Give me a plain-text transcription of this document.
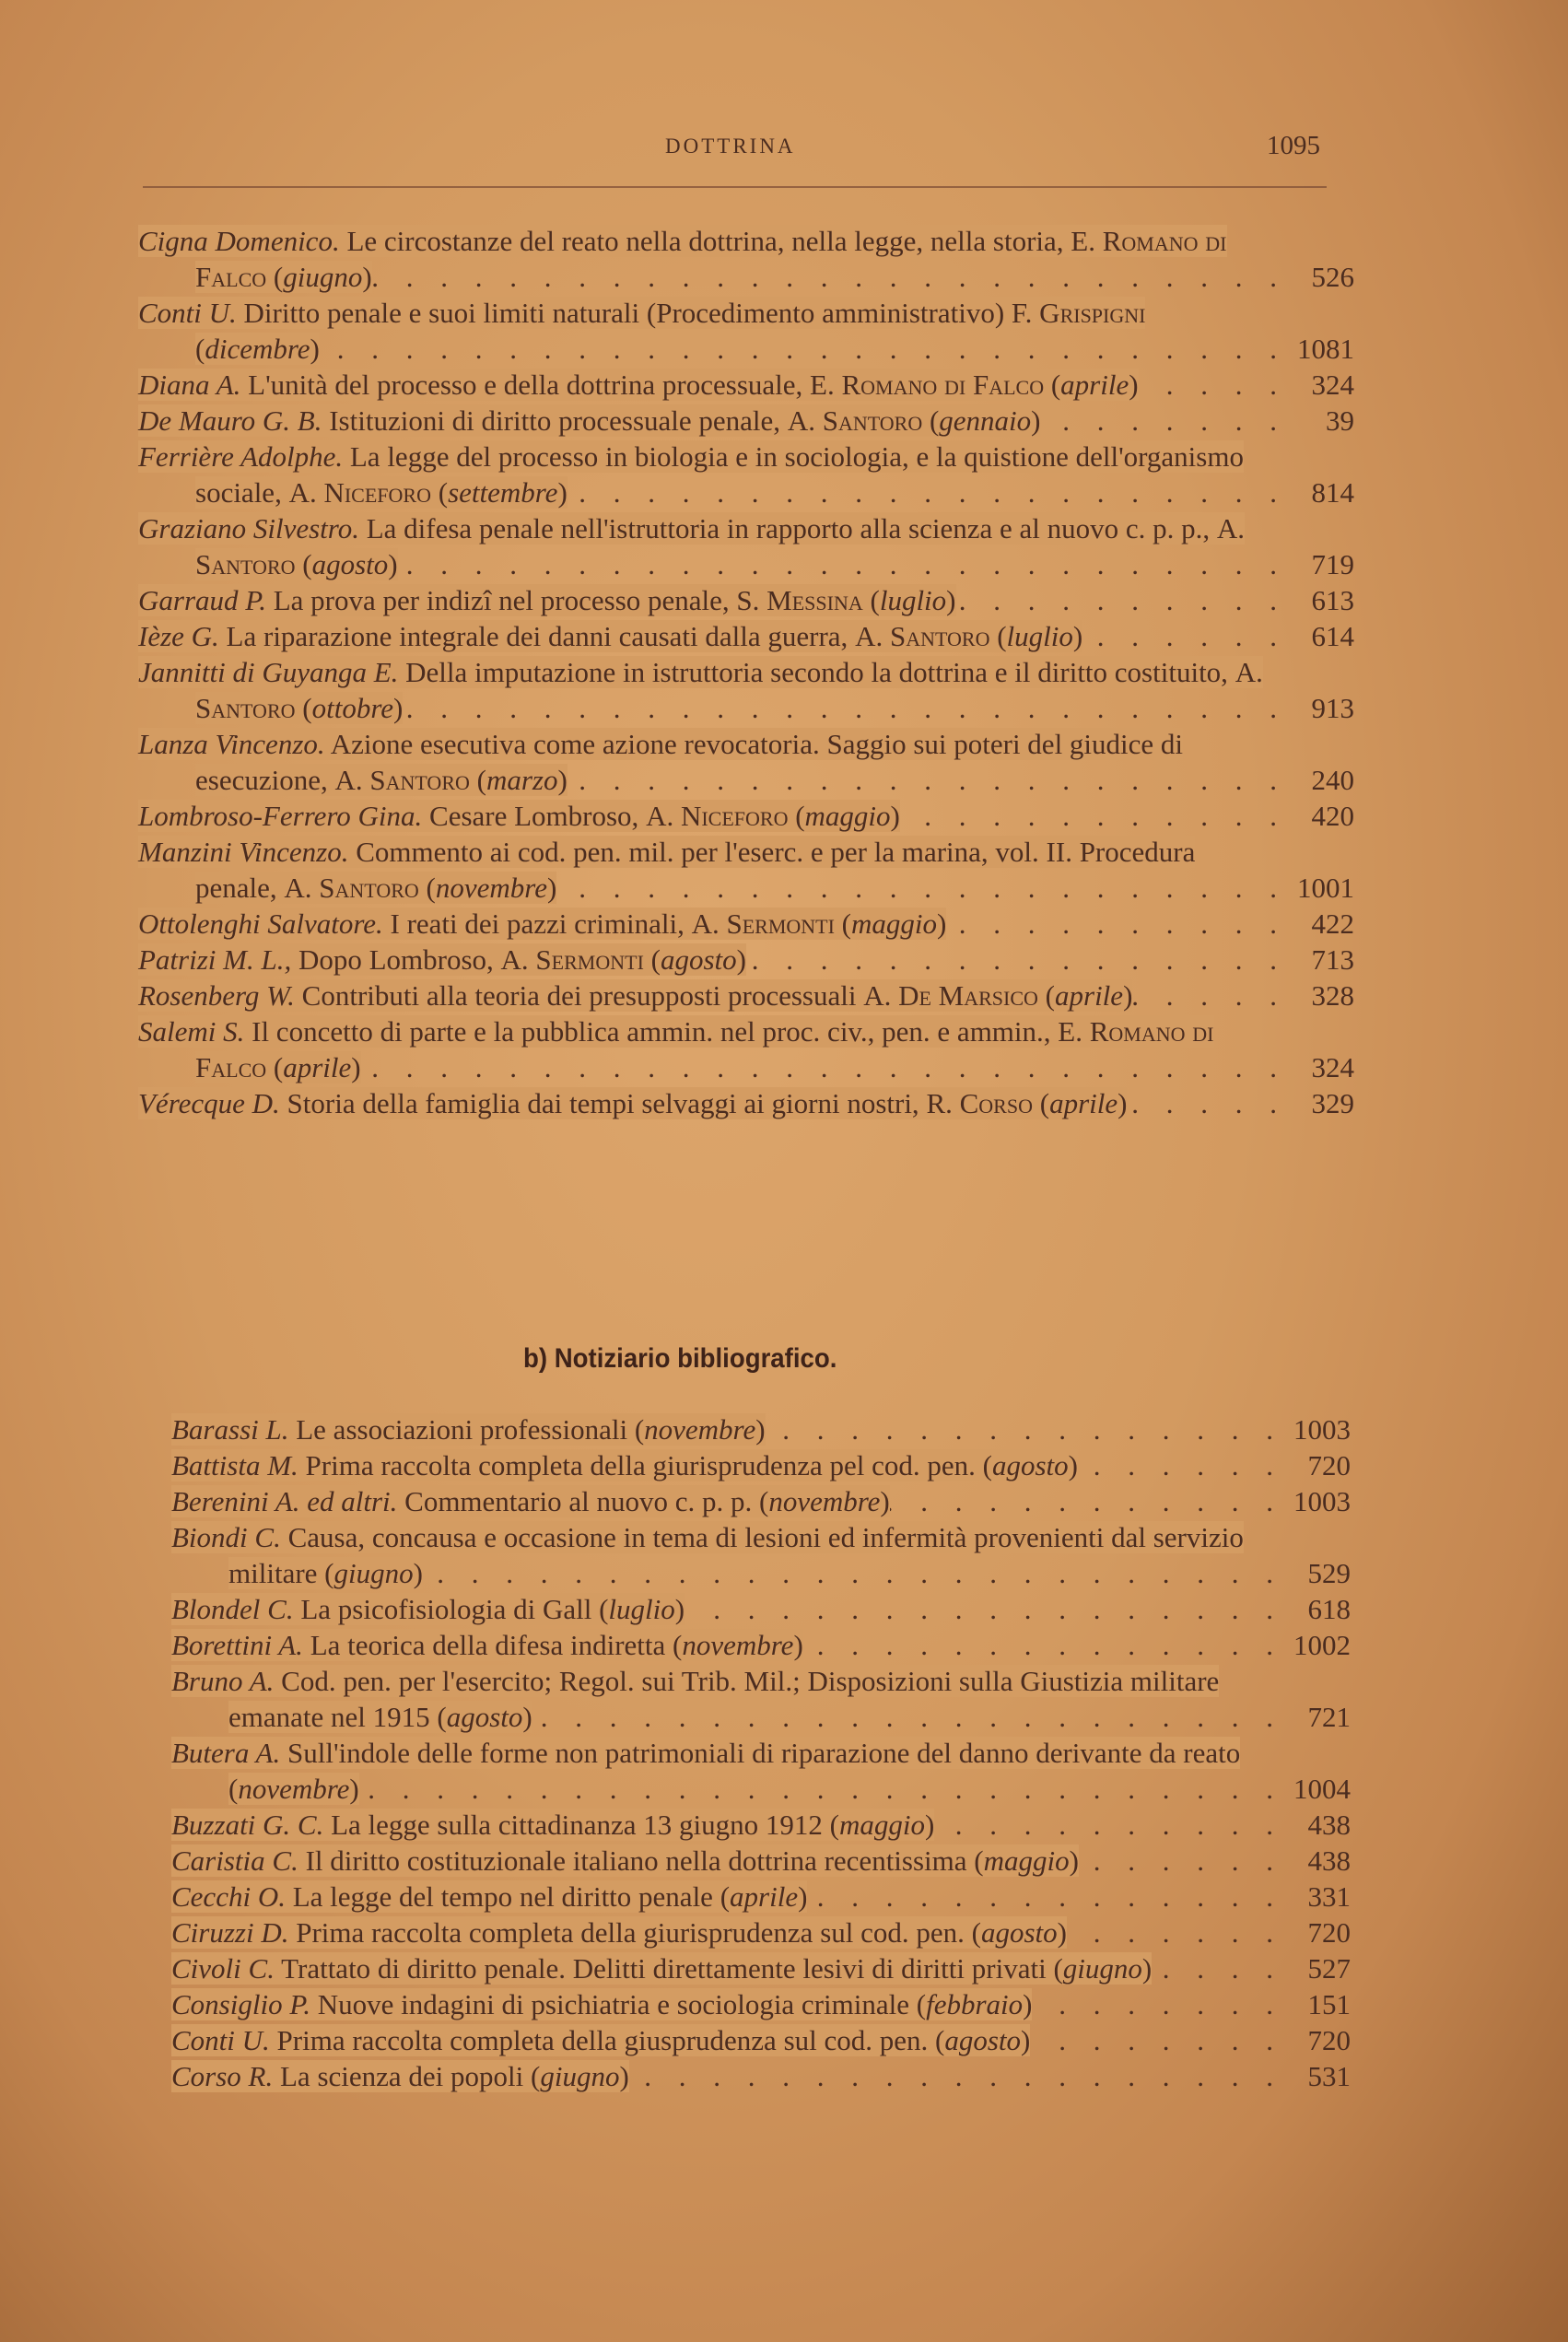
DOTTRINA	1095
Cigna Domenico. Le circostanze del reato nella dottrina, nella legge, nella storia, E. Romano di Falco (giugno) . . .	526
Conti U. Diritto penale e suoi limiti naturali (Procedimento amministrativo) F. Grispigni (dicembre) . . .	1081
Diana A. L'unità del processo e della dottrina processuale, E. Romano di Falco (aprile) . . .	324
De Mauro G. B. Istituzioni di diritto processuale penale, A. Santoro (gennaio) . . .	39
Ferrière Adolphe. La legge del processo in biologia e in sociologia, e la quistione dell'organismo sociale, A. Niceforo (settembre) . . .	814
Graziano Silvestro. La difesa penale nell'istruttoria in rapporto alla scienza e al nuovo c. p. p., A. Santoro (agosto) . . .	719
Garraud P. La prova per indizî nel processo penale, S. Messina (luglio) . . .	613
Ièze G. La riparazione integrale dei danni causati dalla guerra, A. Santoro (luglio) . . .	614
Jannitti di Guyanga E. Della imputazione in istruttoria secondo la dottrina e il diritto costituito, A. Santoro (ottobre) . . .	913
Lanza Vincenzo. Azione esecutiva come azione revocatoria. Saggio sui poteri del giudice di esecuzione, A. Santoro (marzo) . . .	240
Lombroso-Ferrero Gina. Cesare Lombroso, A. Niceforo (maggio) . . .	420
Manzini Vincenzo. Commento ai cod. pen. mil. per l'eserc. e per la marina, vol. II. Procedura penale, A. Santoro (novembre) . . .	1001
Ottolenghi Salvatore. I reati dei pazzi criminali, A. Sermonti (maggio) . . .	422
Patrizi M. L., Dopo Lombroso, A. Sermonti (agosto) . . .	713
Rosenberg W. Contributi alla teoria dei presupposti processuali A. De Marsico (aprile) . . .	328
Salemi S. Il concetto di parte e la pubblica ammin. nel proc. civ., pen. e ammin., E. Romano di Falco (aprile) . . .	324
Vérecque D. Storia della famiglia dai tempi selvaggi ai giorni nostri, R. Corso (aprile) . . .	329
b) Notiziario bibliografico.
Barassi L. Le associazioni professionali (novembre) . . .	1003
Battista M. Prima raccolta completa della giurisprudenza pel cod. pen. (agosto) . . .	720
Berenini A. ed altri. Commentario al nuovo c. p. p. (novembre) . . .	1003
Biondi C. Causa, concausa e occasione in tema di lesioni ed infermità provenienti dal servizio militare (giugno) . . .	529
Blondel C. La psicofisiologia di Gall (luglio) . . .	618
Borettini A. La teorica della difesa indiretta (novembre) . . .	1002
Bruno A. Cod. pen. per l'esercito; Regol. sui Trib. Mil.; Disposizioni sulla Giustizia militare emanate nel 1915 (agosto) . . .	721
Butera A. Sull'indole delle forme non patrimoniali di riparazione del danno derivante da reato (novembre) . . .	1004
Buzzati G. C. La legge sulla cittadinanza 13 giugno 1912 (maggio) . . .	438
Caristia C. Il diritto costituzionale italiano nella dottrina recentissima (maggio) . . .	438
Cecchi O. La legge del tempo nel diritto penale (aprile) . . .	331
Ciruzzi D. Prima raccolta completa della giurisprudenza sul cod. pen. (agosto) . . .	720
Civoli C. Trattato di diritto penale. Delitti direttamente lesivi di diritti privati (giugno) . . .	527
Consiglio P. Nuove indagini di psichiatria e sociologia criminale (febbraio) . . .	151
Conti U. Prima raccolta completa della giusprudenza sul cod. pen. (agosto) . . .	720
Corso R. La scienza dei popoli (giugno) . . .	531
